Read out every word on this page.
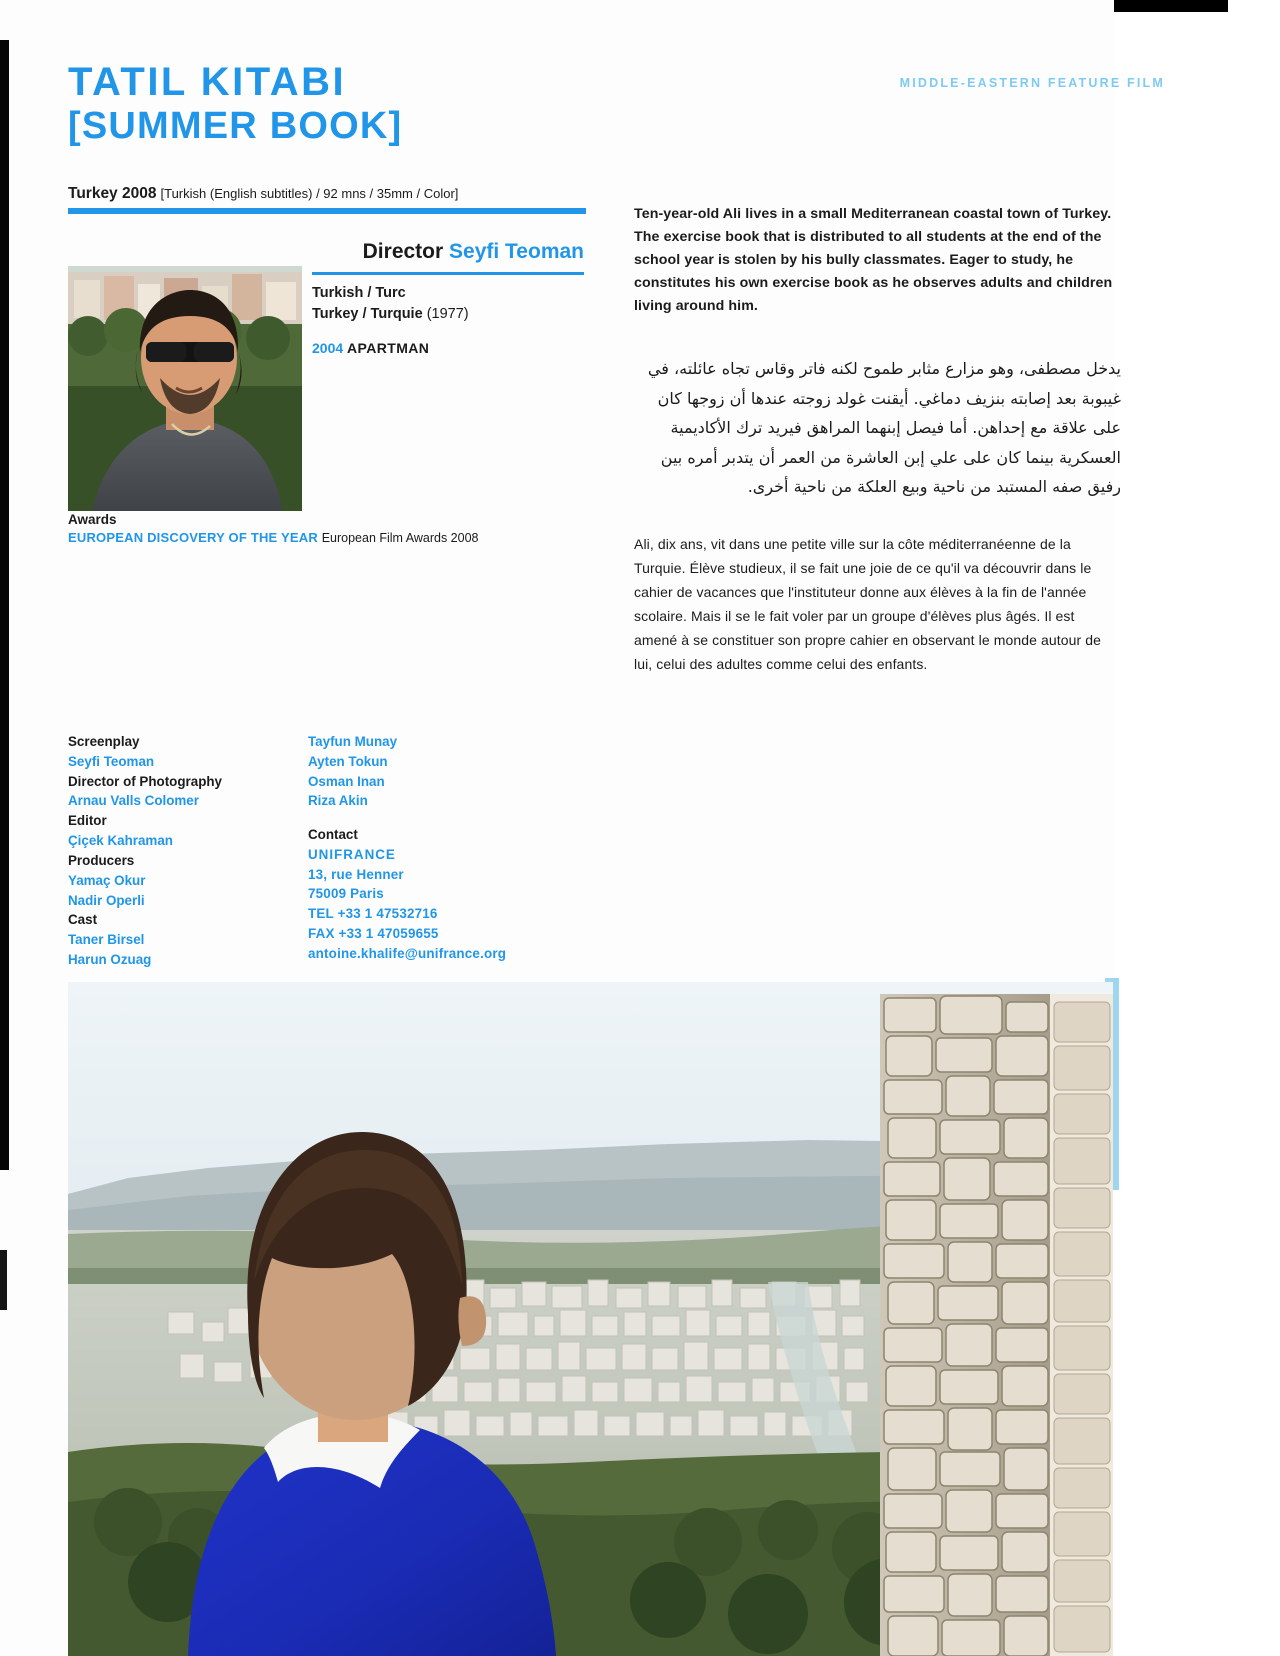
TATIL KITABI
[SUMMER BOOK]
MIDDLE-EASTERN FEATURE FILM
Turkey 2008 [Turkish (English subtitles) / 92 mns / 35mm / Color]
Director Seyfi Teoman
Turkish / Turc
Turkey / Turquie (1977)
2004 APARTMAN
Awards
EUROPEAN DISCOVERY OF THE YEAR European Film Awards 2008

Ten-year-old Ali lives in a small Mediterranean coastal town of Turkey. The exercise book that is distributed to all students at the end of the school year is stolen by his bully classmates. Eager to study, he constitutes his own exercise book as he observes adults and children living around him.

يدخل مصطفى، وهو مزارع مثابر طموح لكنه فاتر وقاس تجاه عائلته، في غيبوبة بعد إصابته بنزيف دماغي. أيقنت غولد زوجته عندها أن زوجها كان على علاقة مع إحداهن. أما فيصل إبنهما المراهق فيريد ترك الأكاديمية العسكرية بينما كان على علي إبن العاشرة من العمر أن يتدبر أمره بين رفيق صفه المستبد من ناحية وبيع العلكة من ناحية أخرى.

Ali, dix ans, vit dans une petite ville sur la côte méditerranéenne de la Turquie. Élève studieux, il se fait une joie de ce qu'il va découvrir dans le cahier de vacances que l'instituteur donne aux élèves à la fin de l'année scolaire. Mais il se le fait voler par un groupe d'élèves plus âgés. Il est amené à se constituer son propre cahier en observant le monde autour de lui, celui des adultes comme celui des enfants.

Screenplay
Seyfi Teoman
Director of Photography
Arnau Valls Colomer
Editor
Çiçek Kahraman
Producers
Yamaç Okur
Nadir Operli
Cast
Taner Birsel
Harun Ozuag
Tayfun Munay
Ayten Tokun
Osman Inan
Riza Akin
Contact
UNIFRANCE
13, rue Henner
75009 Paris
TEL +33 1 47532716
FAX +33 1 47059655
antoine.khalife@unifrance.org
